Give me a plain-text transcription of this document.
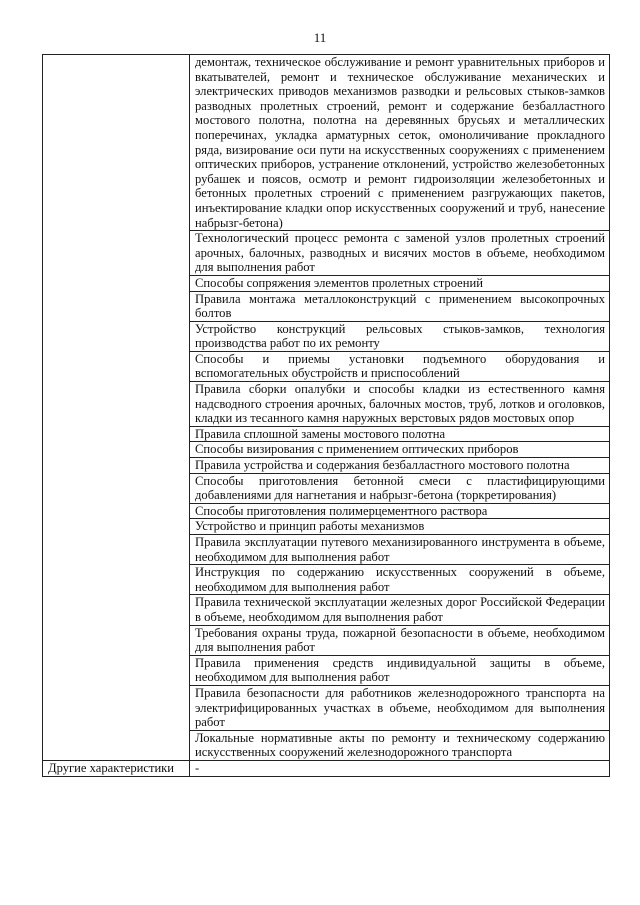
11
	демонтаж, техническое обслуживание и ремонт уравнительных приборов и вкатывателей, ремонт и техническое обслуживание механических и электрических приводов механизмов разводки и рельсовых стыков-замков разводных пролетных строений, ремонт и содержание безбалластного мостового полотна, полотна на деревянных брусьях и металлических поперечинах, укладка арматурных сеток, омоноличивание прокладного ряда, визирование оси пути на искусственных сооружениях с применением оптических приборов, устранение отклонений, устройство железобетонных рубашек и поясов, осмотр и ремонт гидроизоляции железобетонных и бетонных пролетных строений с применением разгружающих пакетов, инъектирование кладки опор искусственных сооружений и труб, нанесение набрызг-бетона)
	Технологический процесс ремонта с заменой узлов пролетных строений арочных, балочных, разводных и висячих мостов в объеме, необходимом для выполнения работ
	Способы сопряжения элементов пролетных строений
	Правила монтажа металлоконструкций с применением высокопрочных болтов
	Устройство конструкций рельсовых стыков-замков, технология производства работ по их ремонту
	Способы и приемы установки подъемного оборудования и вспомогательных обустройств и приспособлений
	Правила сборки опалубки и способы кладки из естественного камня надсводного строения арочных, балочных мостов, труб, лотков и оголовков, кладки из тесанного камня наружных верстовых рядов мостовых опор
	Правила сплошной замены мостового полотна
	Способы визирования с применением оптических приборов
	Правила устройства и содержания безбалластного мостового полотна
	Способы приготовления бетонной смеси с пластифицирующими добавлениями для нагнетания и набрызг-бетона (торкретирования)
	Способы приготовления полимерцементного раствора
	Устройство и принцип работы механизмов
	Правила эксплуатации путевого механизированного инструмента в объеме, необходимом для выполнения работ
	Инструкция по содержанию искусственных сооружений в объеме, необходимом для выполнения работ
	Правила технической эксплуатации железных дорог Российской Федерации в объеме, необходимом для выполнения работ
	Требования охраны труда, пожарной безопасности в объеме, необходимом для выполнения работ
	Правила применения средств индивидуальной защиты в объеме, необходимом для выполнения работ
	Правила безопасности для работников железнодорожного транспорта на электрифицированных участках в объеме, необходимом для выполнения работ
	Локальные нормативные акты по ремонту и техническому содержанию искусственных сооружений железнодорожного транспорта
Другие характеристики	-
